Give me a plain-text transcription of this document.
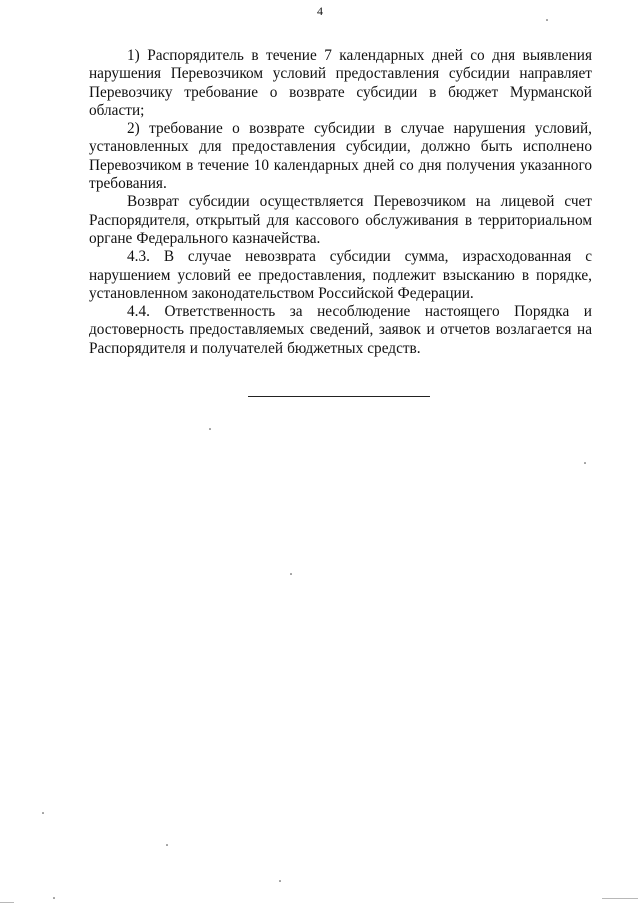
4

1) Распорядитель в течение 7 календарных дней со дня выявления нарушения Перевозчиком условий предоставления субсидии направляет Перевозчику требование о возврате субсидии в бюджет Мурманской области;

2) требование о возврате субсидии в случае нарушения условий, установленных для предоставления субсидии, должно быть исполнено Перевозчиком в течение 10 календарных дней со дня получения указанного требования.

Возврат субсидии осуществляется Перевозчиком на лицевой счет Распорядителя, открытый для кассового обслуживания в территориальном органе Федерального казначейства.

4.3. В случае невозврата субсидии сумма, израсходованная с нарушением условий ее предоставления, подлежит взысканию в порядке, установленном законодательством Российской Федерации.

4.4. Ответственность за несоблюдение настоящего Порядка и достоверность предоставляемых сведений, заявок и отчетов возлагается на Распорядителя и получателей бюджетных средств.
